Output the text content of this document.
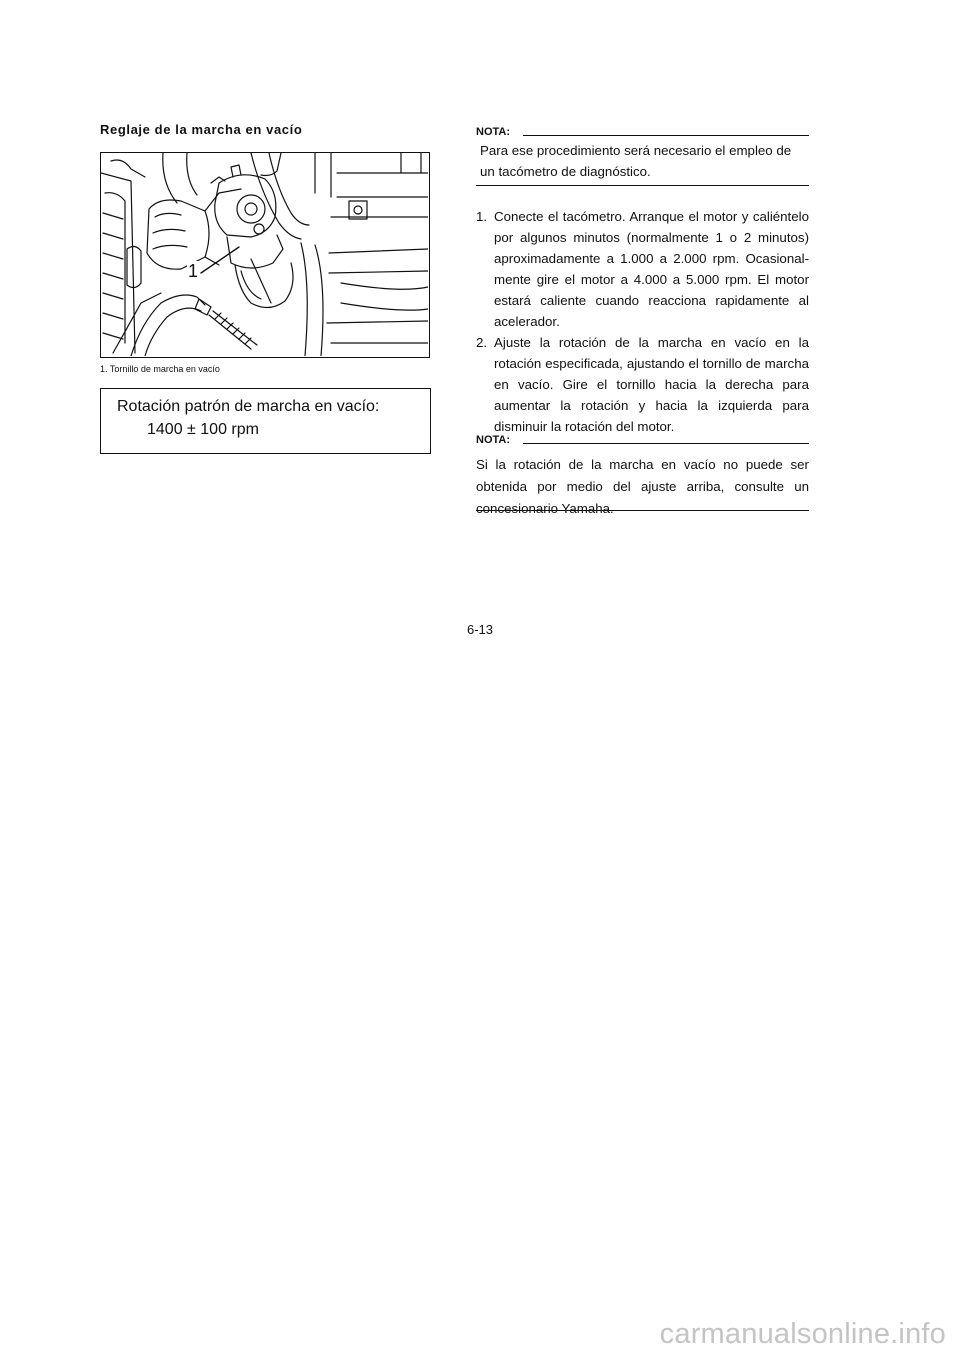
Reglaje de la marcha en vacío
1
1. Tornillo de marcha en vacío
Rotación patrón de marcha en vacío:
1400 ± 100 rpm
NOTA:
Para ese procedimiento será necesario el empleo de un tacómetro de diagnóstico.

1. Conecte el tacómetro. Arranque el motor y caliéntelo por algunos minutos (normalmente 1 o 2 minutos) aproximadamente a 1.000 a 2.000 rpm. Ocasional-mente gire el motor a 4.000 a 5.000 rpm. El motor estará caliente cuando reacciona rapidamente al acelerador.

2. Ajuste la rotación de la marcha en vacío en la rotación especificada, ajustando el tornillo de marcha en vacío. Gire el tornillo hacia la derecha para aumentar la rotación y hacia la izquierda para disminuir la rotación del motor.

NOTA:
Si la rotación de la marcha en vacío no puede ser obtenida por medio del ajuste arriba, consulte un concesionario Yamaha.
6-13
carmanualsonline.info
